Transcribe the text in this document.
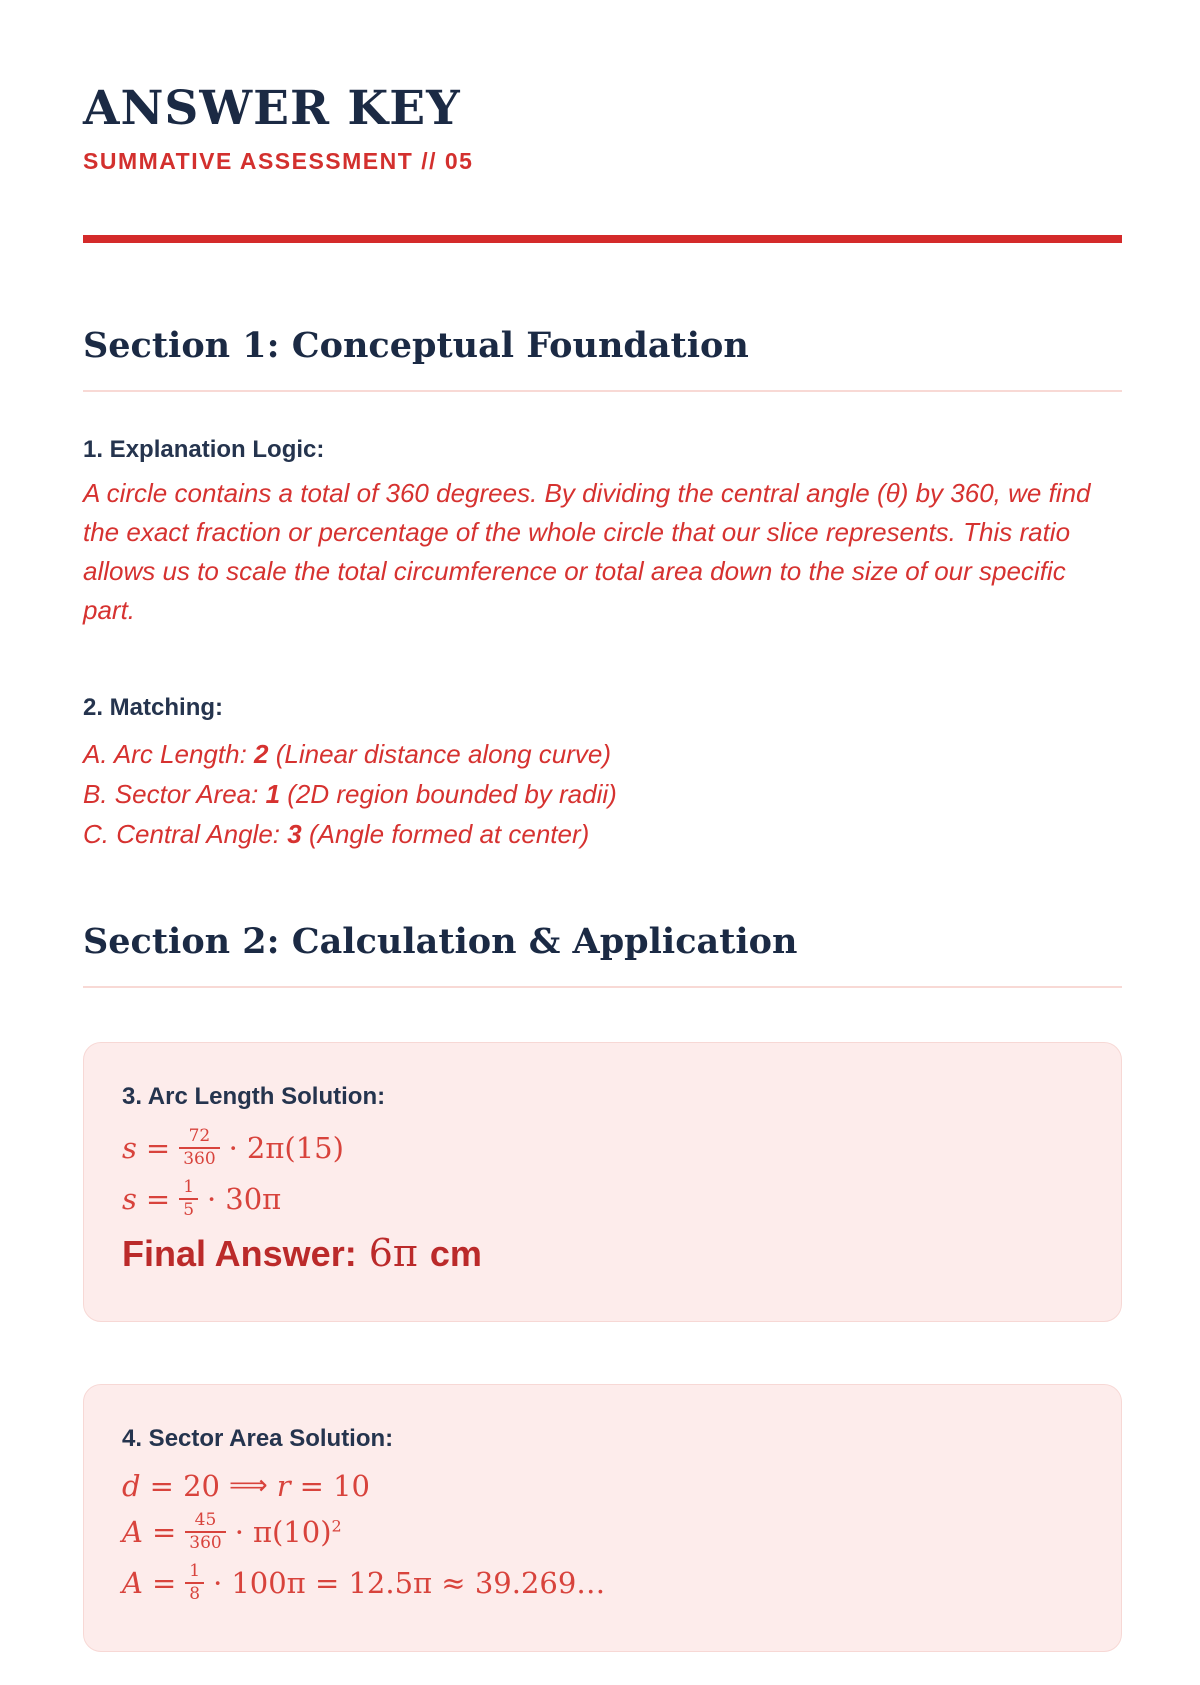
ANSWER KEY
SUMMATIVE ASSESSMENT // 05
Section 1: Conceptual Foundation
1. Explanation Logic:

A circle contains a total of 360 degrees. By dividing the central angle (θ) by 360, we find the exact fraction or percentage of the whole circle that our slice represents. This ratio allows us to scale the total circumference or total area down to the size of our specific part.

2. Matching:
A. Arc Length: 2 (Linear distance along curve)
B. Sector Area: 1 (2D region bounded by radii)
C. Central Angle: 3 (Angle formed at center)
Section 2: Calculation & Application
3. Arc Length Solution:
$s = \frac{72}{360} \cdot 2\pi(15)$
$s = \frac{1}{5} \cdot 30\pi$
Final Answer: 6π cm
4. Sector Area Solution:
d = 20 ⟹ r = 10
$A = \frac{45}{360} \cdot \pi(10)^2$
$A = \frac{1}{8} \cdot 100\pi = 12.5\pi$ ≈ 39.269…
